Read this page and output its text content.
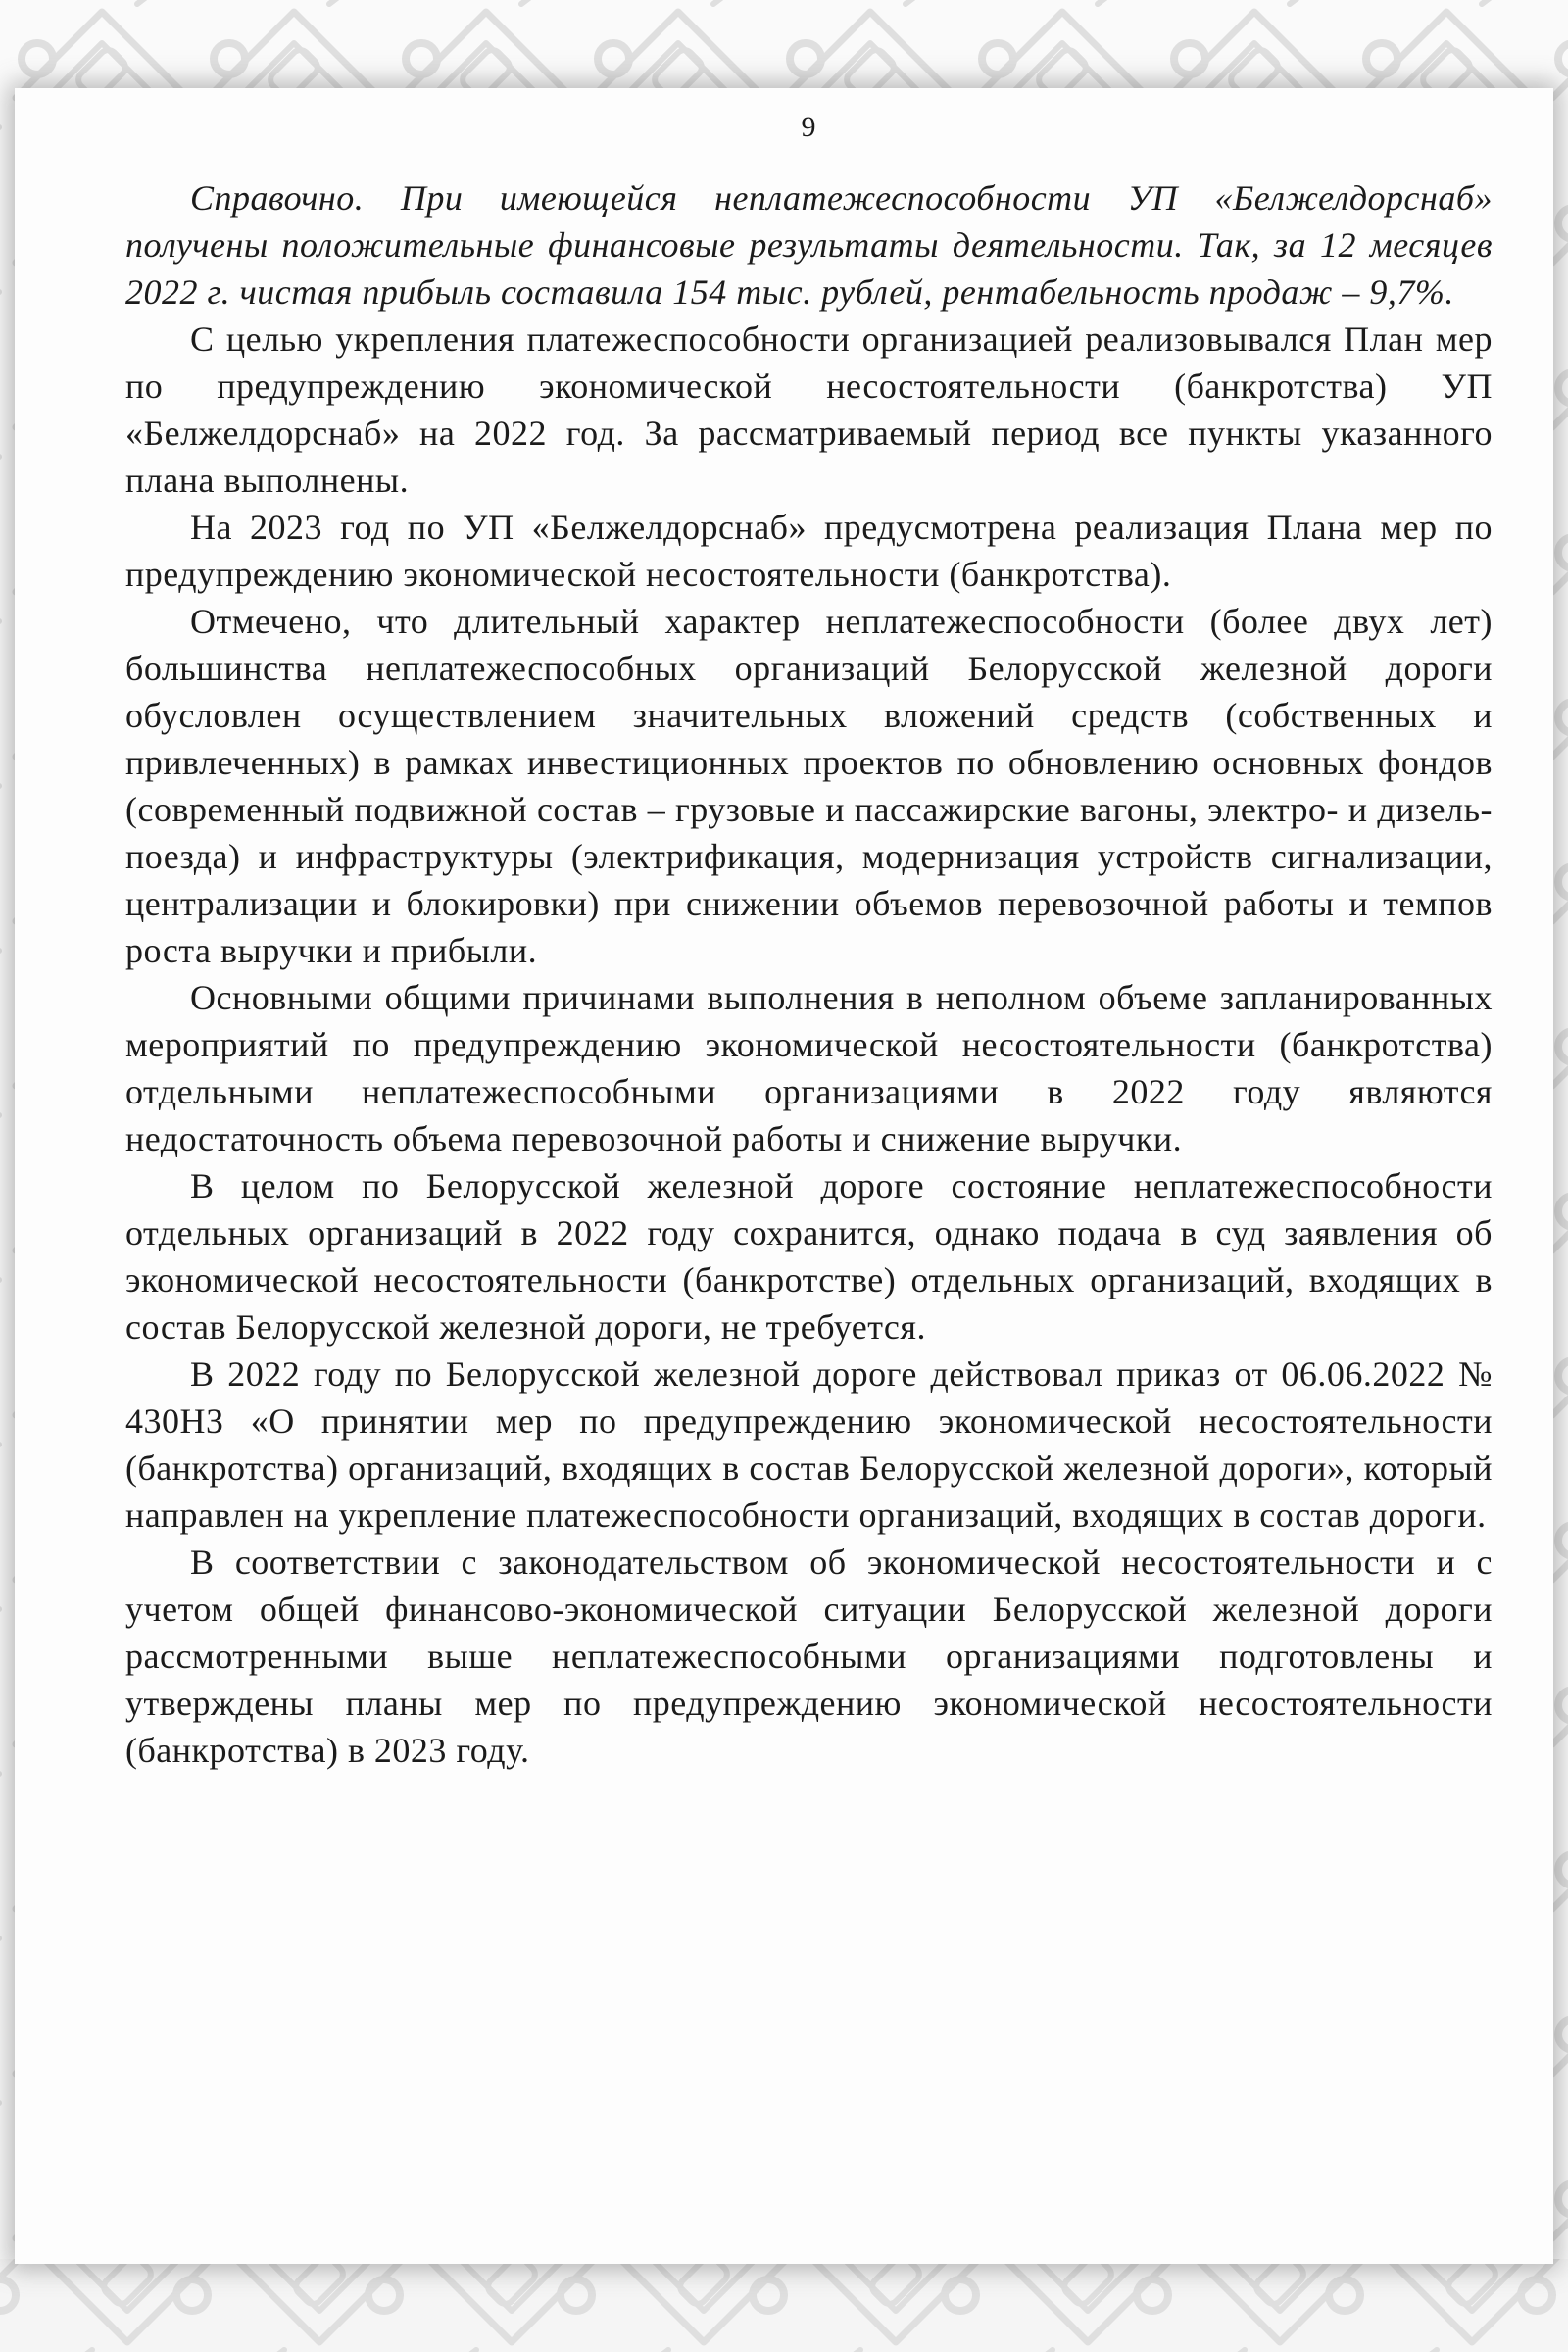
9

Справочно. При имеющейся неплатежеспособности УП «Белжелдорснаб» получены положительные финансовые результаты деятельности. Так, за 12 месяцев 2022 г. чистая прибыль составила 154 тыс. рублей, рентабельность продаж – 9,7%.

С целью укрепления платежеспособности организацией реализовывался План мер по предупреждению экономической несостоятельности (банкротства) УП «Белжелдорснаб» на 2022 год. За рассматриваемый период все пункты указанного плана выполнены.

На 2023 год по УП «Белжелдорснаб» предусмотрена реализация Плана мер по предупреждению экономической несостоятельности (банкротства).

Отмечено, что длительный характер неплатежеспособности (более двух лет) большинства неплатежеспособных организаций Белорусской железной дороги обусловлен осуществлением значительных вложений средств (собственных и привлеченных) в рамках инвестиционных проектов по обновлению основных фондов (современный подвижной состав – грузовые и пассажирские вагоны, электро- и дизель-поезда) и инфраструктуры (электрификация, модернизация устройств сигнализации, централизации и блокировки) при снижении объемов перевозочной работы и темпов роста выручки и прибыли.

Основными общими причинами выполнения в неполном объеме запланированных мероприятий по предупреждению экономической несостоятельности (банкротства) отдельными неплатежеспособными организациями в 2022 году являются недостаточность объема перевозочной работы и снижение выручки.

В целом по Белорусской железной дороге состояние неплатежеспособности отдельных организаций в 2022 году сохранится, однако подача в суд заявления об экономической несостоятельности (банкротстве) отдельных организаций, входящих в состав Белорусской железной дороги, не требуется.

В 2022 году по Белорусской железной дороге действовал приказ от 06.06.2022 № 430НЗ «О принятии мер по предупреждению экономической несостоятельности (банкротства) организаций, входящих в состав Белорусской железной дороги», который направлен на укрепление платежеспособности организаций, входящих в состав дороги.

В соответствии с законодательством об экономической несостоятельности и с учетом общей финансово-экономической ситуации Белорусской железной дороги рассмотренными выше неплатежеспособными организациями подготовлены и утверждены планы мер по предупреждению экономической несостоятельности (банкротства) в 2023 году.
